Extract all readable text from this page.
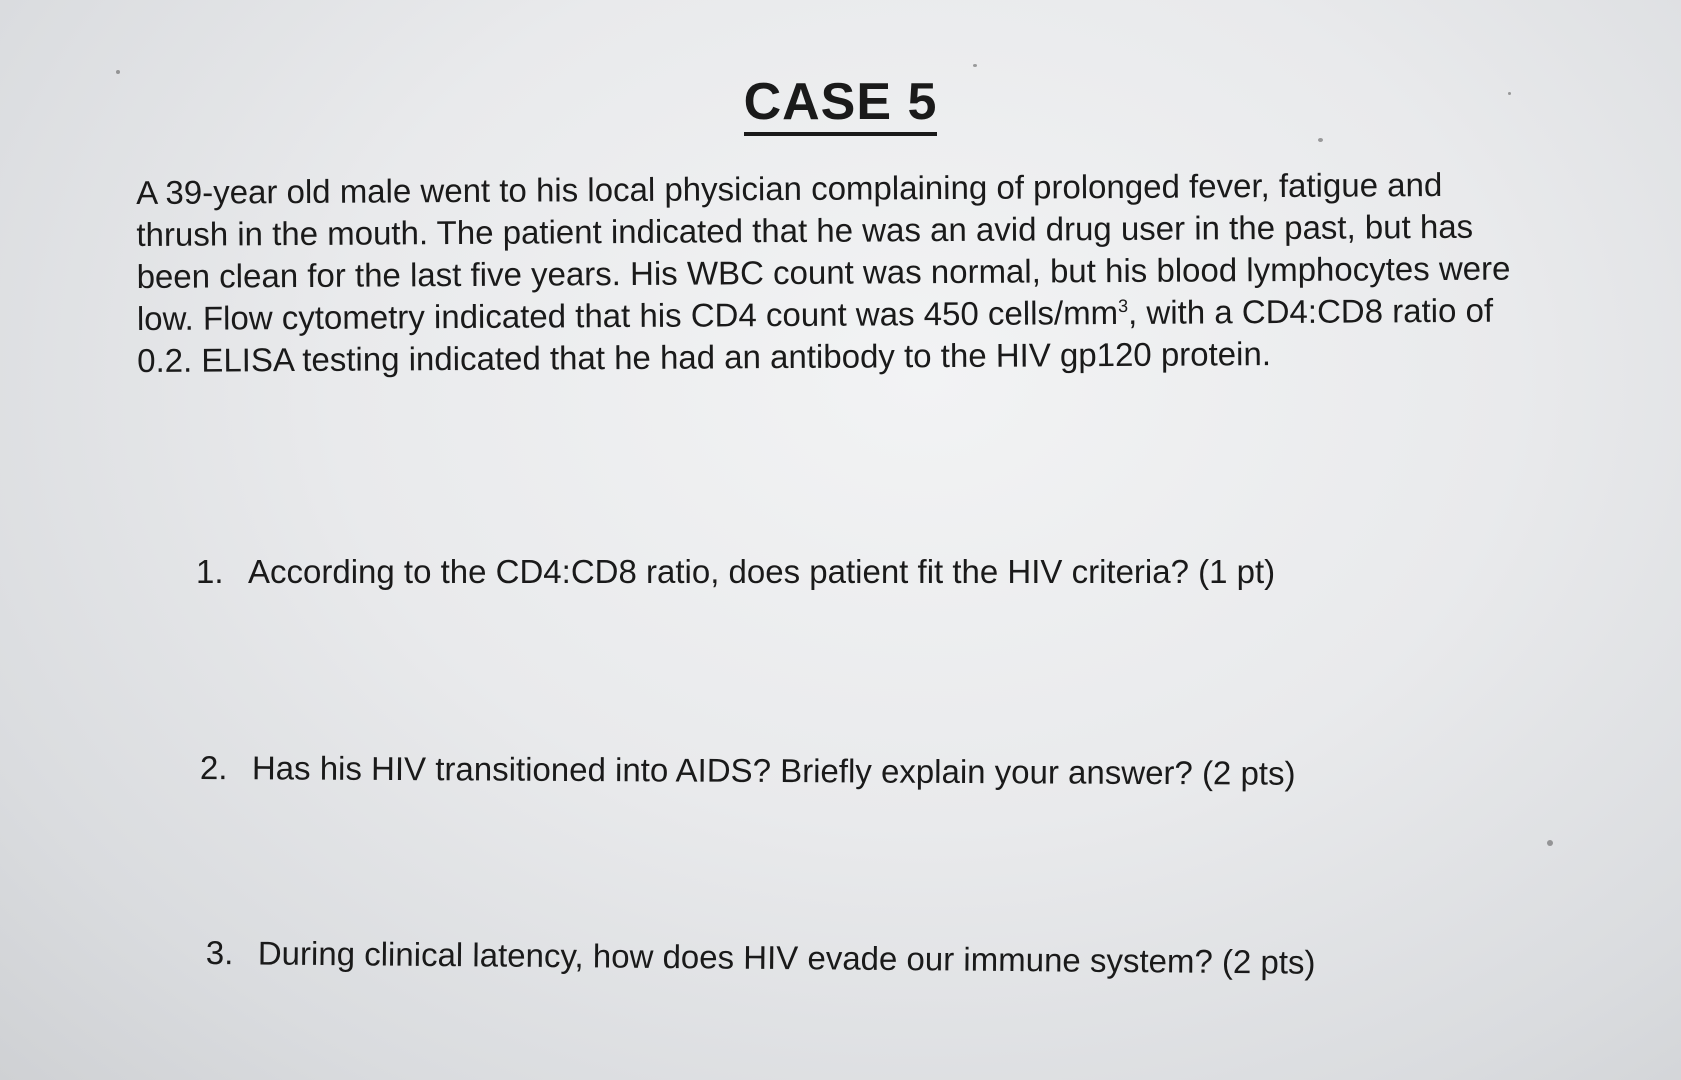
CASE 5

A 39-year old male went to his local physician complaining of prolonged fever, fatigue and thrush in the mouth. The patient indicated that he was an avid drug user in the past, but has been clean for the last five years. His WBC count was normal, but his blood lymphocytes were low. Flow cytometry indicated that his CD4 count was 450 cells/$mm^3$, with a CD4:CD8 ratio of 0.2. ELISA testing indicated that he had an antibody to the HIV gp120 protein.

1. According to the CD4:CD8 ratio, does patient fit the HIV criteria? (1 pt)

2. Has his HIV transitioned into AIDS? Briefly explain your answer? (2 pts)

3. During clinical latency, how does HIV evade our immune system? (2 pts)
